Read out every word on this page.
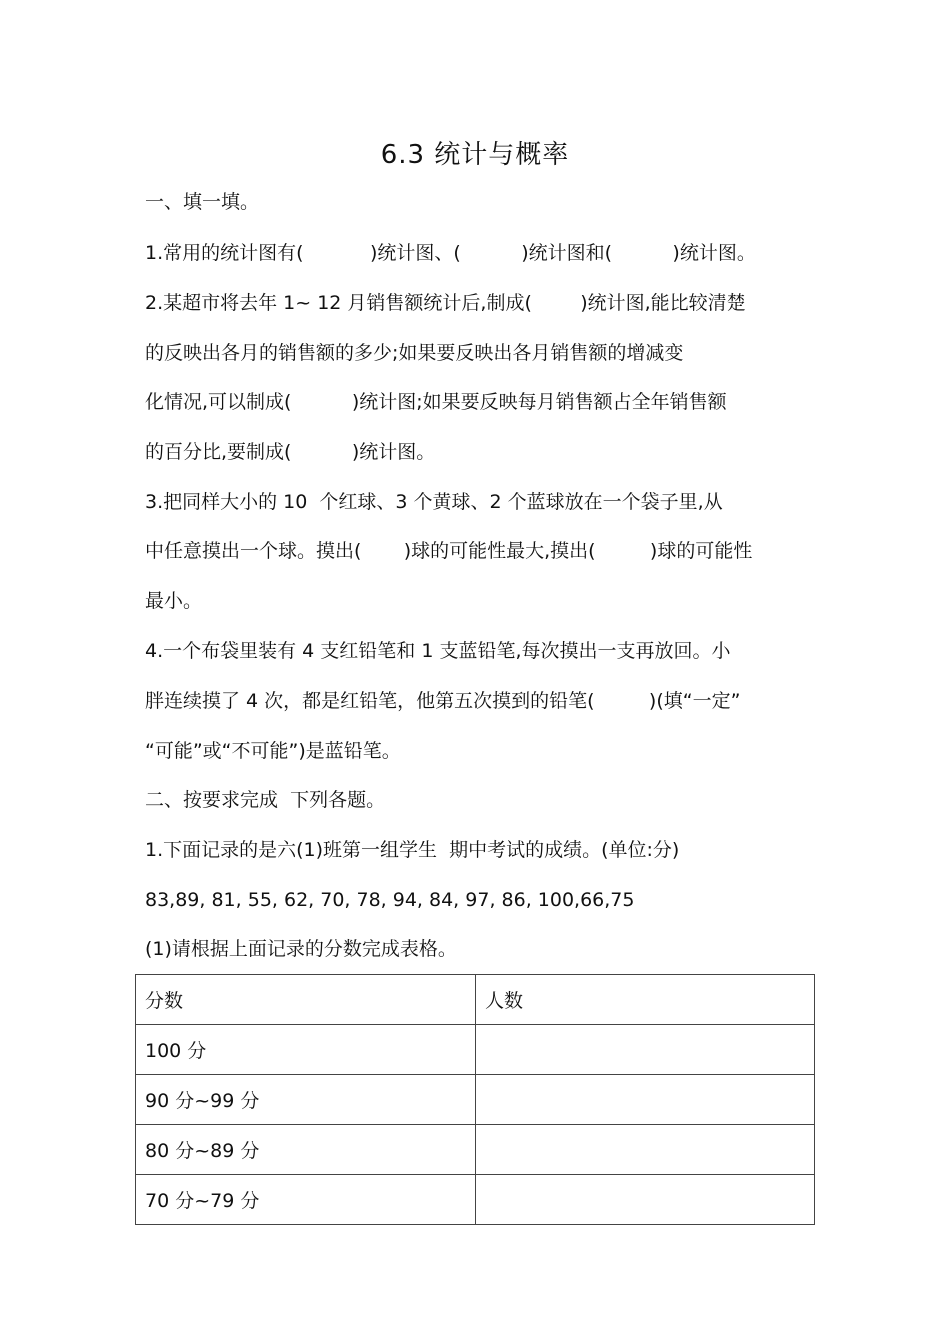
6.3 统计与概率
一、填一填。
1.常用的统计图有(           )统计图、(          )统计图和(          )统计图。
2.某超市将去年 1~ 12 月销售额统计后,制成(        )统计图,能比较清楚
的反映出各月的销售额的多少;如果要反映出各月销售额的增减变
化情况,可以制成(          )统计图;如果要反映每月销售额占全年销售额
的百分比,要制成(          )统计图。
3.把同样大小的 10  个红球、3 个黄球、2 个蓝球放在一个袋子里,从
中任意摸出一个球。摸出(       )球的可能性最大,摸出(         )球的可能性
最小。
4.一个布袋里装有 4 支红铅笔和 1 支蓝铅笔,每次摸出一支再放回。小
胖连续摸了 4 次，都是红铅笔，他第五次摸到的铅笔(         )(填“一定”
“可能”或“不可能”)是蓝铅笔。
二、按要求完成  下列各题。
1.下面记录的是六(1)班第一组学生  期中考试的成绩。(单位:分)
83,89, 81, 55, 62, 70, 78, 94, 84, 97, 86, 100,66,75
(1)请根据上面记录的分数完成表格。
分数	人数
100 分	
90 分~99 分	
80 分~89 分	
70 分~79 分	
